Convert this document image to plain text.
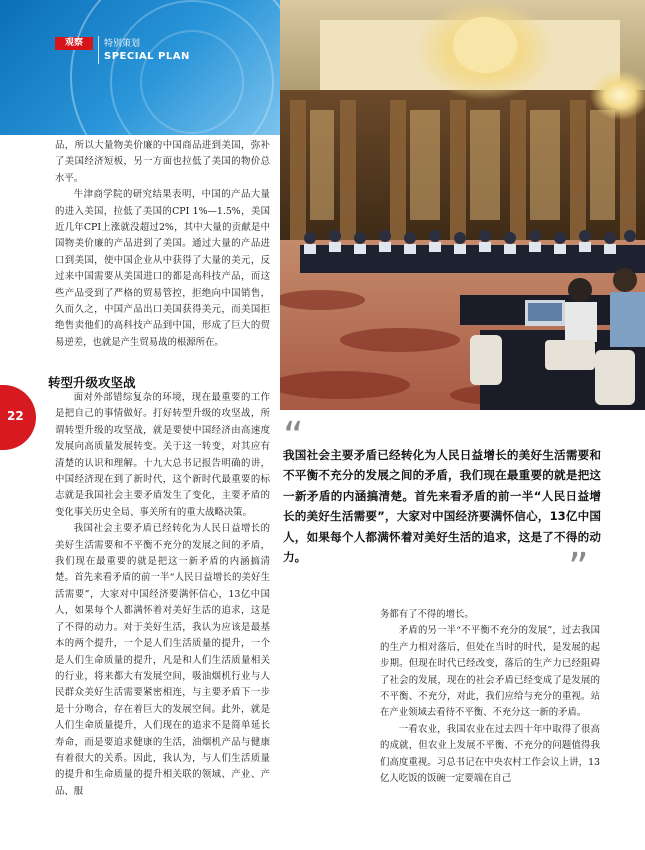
观察	特别策划
SPECIAL PLAN
22

品，所以大量物美价廉的中国商品进到美国，弥补了美国经济短板，另一方面也拉低了美国的物价总水平。

牛津商学院的研究结果表明，中国的产品大量的进入美国，拉低了美国的CPI 1%—1.5%，美国近几年CPI上涨就没超过2%，其中大量的贡献是中国物美价廉的产品进到了美国。通过大量的产品进口到美国，使中国企业从中获得了大量的美元，反过来中国需要从美国进口的都是高科技产品，而这些产品受到了严格的贸易管控，拒绝向中国销售，久而久之，中国产品出口美国获得美元，而美国拒绝售卖他们的高科技产品到中国，形成了巨大的贸易逆差，也就是产生贸易战的根源所在。

转型升级攻坚战

面对外部错综复杂的环境，现在最重要的工作是把自己的事情做好。打好转型升级的攻坚战，所谓转型升级的攻坚战，就是要使中国经济由高速度发展向高质量发展转变。关于这一转变，对其应有清楚的认识和理解。十九大总书记报告明确的讲，中国经济现在到了新时代，这个新时代最重要的标志就是我国社会主要矛盾发生了变化，主要矛盾的变化事关历史全局、事关所有的重大战略决策。

我国社会主要矛盾已经转化为人民日益增长的美好生活需要和不平衡不充分的发展之间的矛盾，我们现在最重要的就是把这一新矛盾的内涵搞清楚。首先来看矛盾的前一半“人民日益增长的美好生活需要”，大家对中国经济要满怀信心，13亿中国人，如果每个人都满怀着对美好生活的追求，这是了不得的动力。对于美好生活，我认为应该是最基本的两个提升，一个是人们生活质量的提升，一个是人们生命质量的提升，凡是和人们生活质量相关的行业，将来都大有发展空间，吸油烟机行业与人民群众美好生活需要紧密相连，与主要矛盾下一步是十分吻合，存在着巨大的发展空间。此外，就是人们生命质量提升，人们现在的追求不是简单延长寿命，而是要追求健康的生活，油烟机产品与健康有着很大的关系。因此，我认为，与人们生活质量的提升和生命质量的提升相关联的领域、产业、产品、服

“
我国社会主要矛盾已经转化为人民日益增长的美好生活需要和不平衡不充分的发展之间的矛盾，我们现在最重要的就是把这一新矛盾的内涵搞清楚。首先来看矛盾的前一半“人民日益增长的美好生活需要”，大家对中国经济要满怀信心，13亿中国人，如果每个人都满怀着对美好生活的追求，这是了不得的动力。	”

务都有了不得的增长。

矛盾的另一半“不平衡不充分的发展”，过去我国的生产力相对落后，但处在当时的时代，是发展的起步期。但现在时代已经改变，落后的生产力已经阻碍了社会的发展，现在的社会矛盾已经变成了是发展的不平衡、不充分，对此，我们应给与充分的重视。站在产业领域去看待不平衡、不充分这一新的矛盾。

一看农业，我国农业在过去四十年中取得了很高的成就，但农业上发展不平衡、不充分的问题值得我们高度重视。习总书记在中央农村工作会议上讲，13亿人吃饭的饭碗一定要端在自己
